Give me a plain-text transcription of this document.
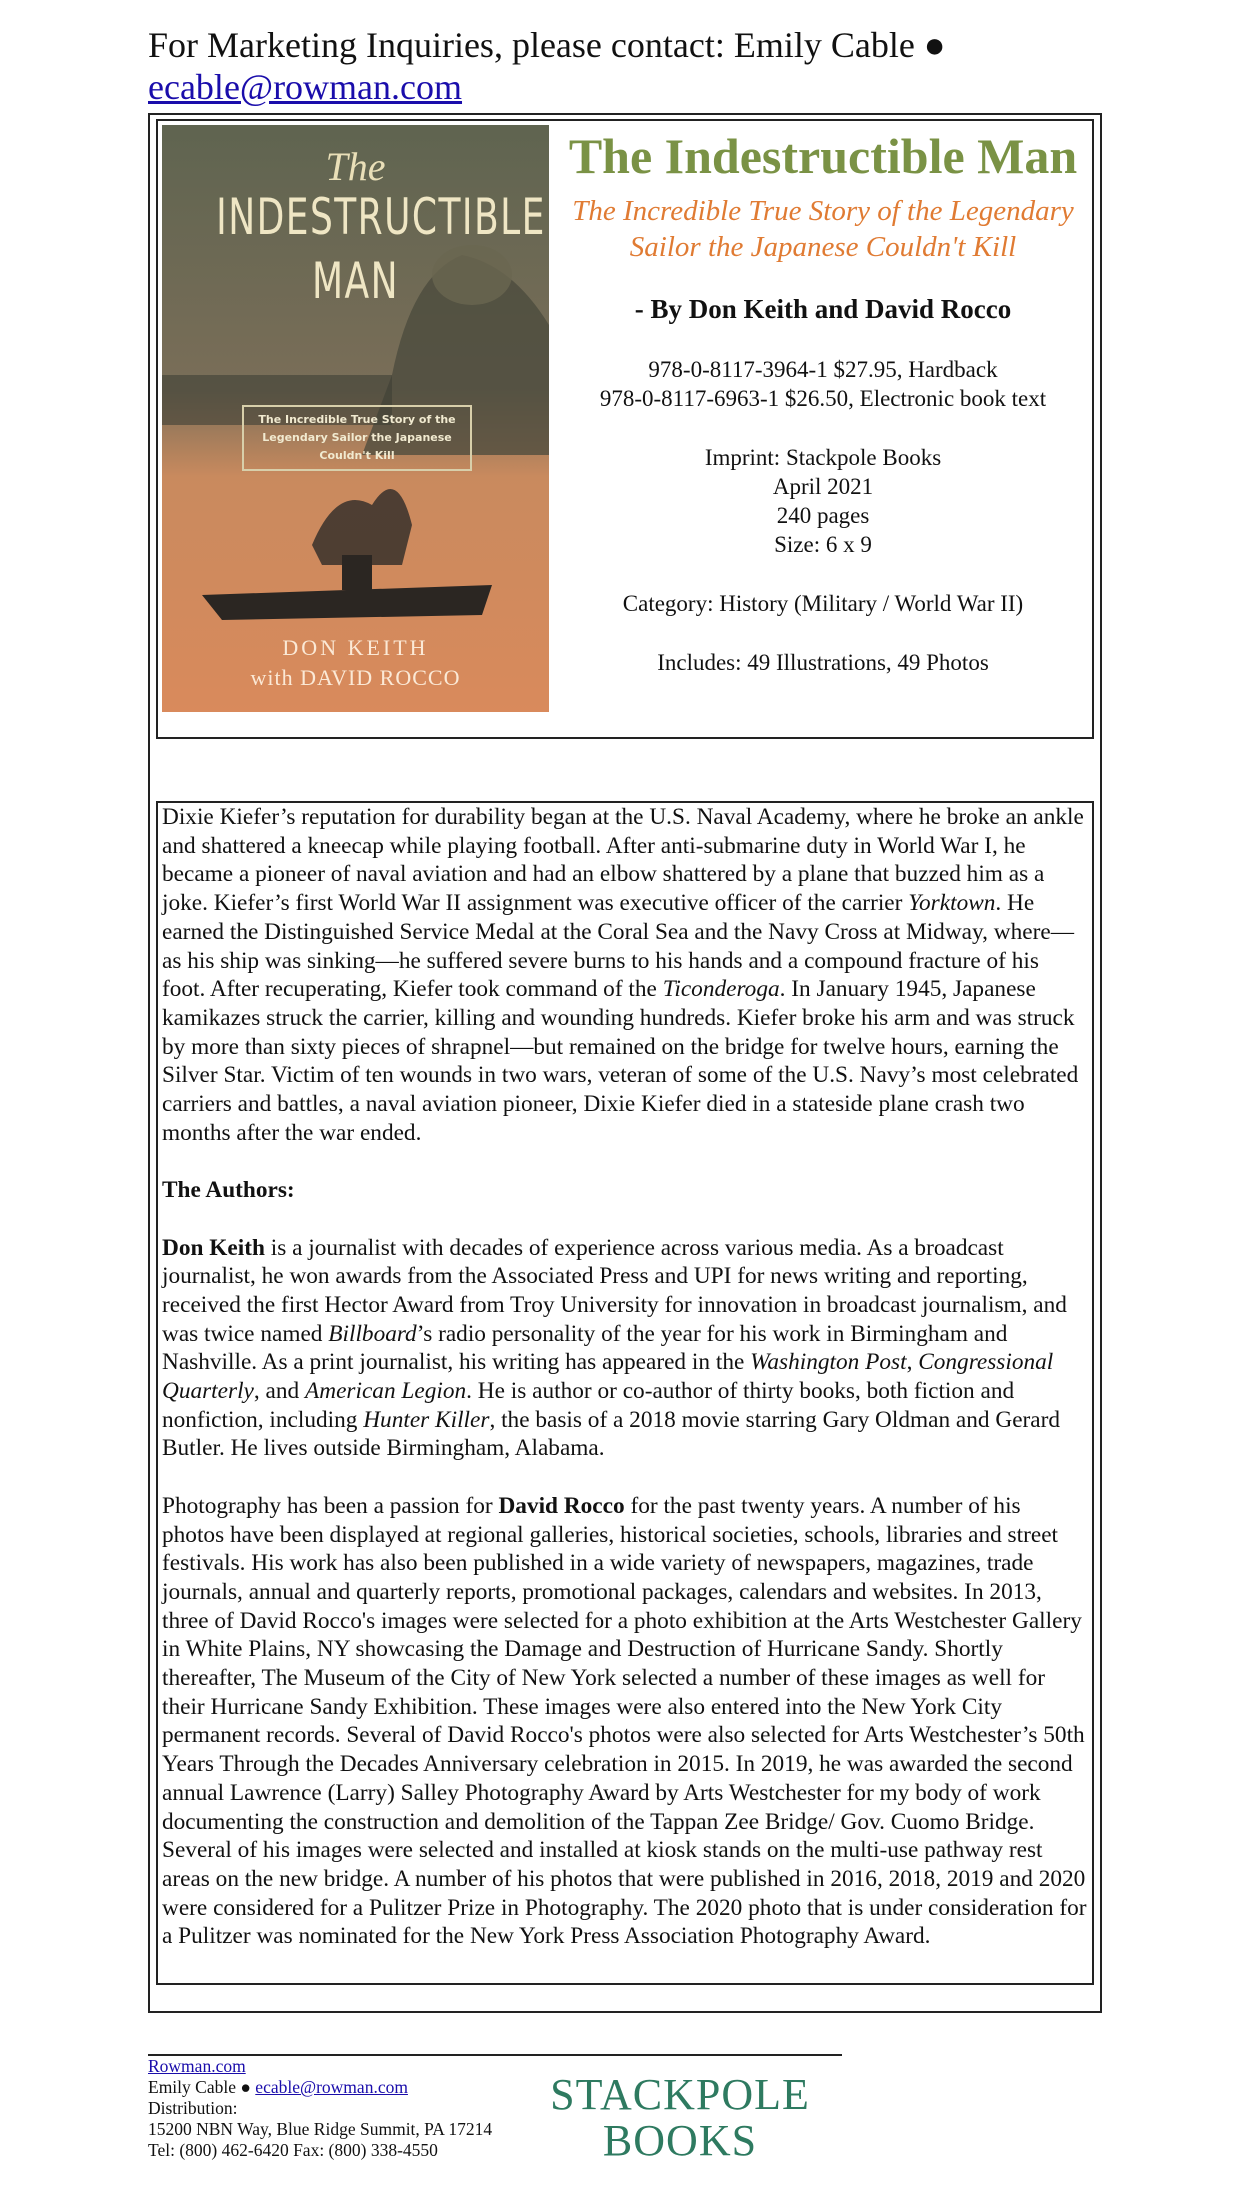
For Marketing Inquiries, please contact: Emily Cable ● ecable@rowman.com
The
INDESTRUCTIBLE MAN
The Incredible True Story of the Legendary Sailor the Japanese Couldn't Kill
DON KEITH
with DAVID ROCCO
The Indestructible Man
The Incredible True Story of the Legendary Sailor the Japanese Couldn't Kill
- By Don Keith and David Rocco
978-0-8117-3964-1 $27.95, Hardback
978-0-8117-6963-1 $26.50, Electronic book text
Imprint: Stackpole Books
April 2021
240 pages
Size: 6 x 9
Category: History (Military / World War II)
Includes: 49 Illustrations, 49 Photos

Dixie Kiefer’s reputation for durability began at the U.S. Naval Academy, where he broke an ankle and shattered a kneecap while playing football. After anti-submarine duty in World War I, he became a pioneer of naval aviation and had an elbow shattered by a plane that buzzed him as a joke. Kiefer’s first World War II assignment was executive officer of the carrier Yorktown. He earned the Distinguished Service Medal at the Coral Sea and the Navy Cross at Midway, where—as his ship was sinking—he suffered severe burns to his hands and a compound fracture of his foot. After recuperating, Kiefer took command of the Ticonderoga. In January 1945, Japanese kamikazes struck the carrier, killing and wounding hundreds. Kiefer broke his arm and was struck by more than sixty pieces of shrapnel—but remained on the bridge for twelve hours, earning the Silver Star. Victim of ten wounds in two wars, veteran of some of the U.S. Navy’s most celebrated carriers and battles, a naval aviation pioneer, Dixie Kiefer died in a stateside plane crash two months after the war ended.

The Authors:

Don Keith is a journalist with decades of experience across various media. As a broadcast journalist, he won awards from the Associated Press and UPI for news writing and reporting, received the first Hector Award from Troy University for innovation in broadcast journalism, and was twice named Billboard’s radio personality of the year for his work in Birmingham and Nashville. As a print journalist, his writing has appeared in the Washington Post, Congressional Quarterly, and American Legion. He is author or co-author of thirty books, both fiction and nonfiction, including Hunter Killer, the basis of a 2018 movie starring Gary Oldman and Gerard Butler. He lives outside Birmingham, Alabama.

Photography has been a passion for David Rocco for the past twenty years. A number of his photos have been displayed at regional galleries, historical societies, schools, libraries and street festivals. His work has also been published in a wide variety of newspapers, magazines, trade journals, annual and quarterly reports, promotional packages, calendars and websites. In 2013, three of David Rocco's images were selected for a photo exhibition at the Arts Westchester Gallery in White Plains, NY showcasing the Damage and Destruction of Hurricane Sandy. Shortly thereafter, The Museum of the City of New York selected a number of these images as well for their Hurricane Sandy Exhibition. These images were also entered into the New York City permanent records. Several of David Rocco's photos were also selected for Arts Westchester’s 50th Years Through the Decades Anniversary celebration in 2015. In 2019, he was awarded the second annual Lawrence (Larry) Salley Photography Award by Arts Westchester for my body of work documenting the construction and demolition of the Tappan Zee Bridge/ Gov. Cuomo Bridge. Several of his images were selected and installed at kiosk stands on the multi-use pathway rest areas on the new bridge. A number of his photos that were published in 2016, 2018, 2019 and 2020 were considered for a Pulitzer Prize in Photography. The 2020 photo that is under consideration for a Pulitzer was nominated for the New York Press Association Photography Award.

Rowman.com
Emily Cable ● ecable@rowman.com
Distribution:
15200 NBN Way, Blue Ridge Summit, PA 17214
Tel: (800) 462-6420 Fax: (800) 338-4550
STACKPOLE
BOOKS
